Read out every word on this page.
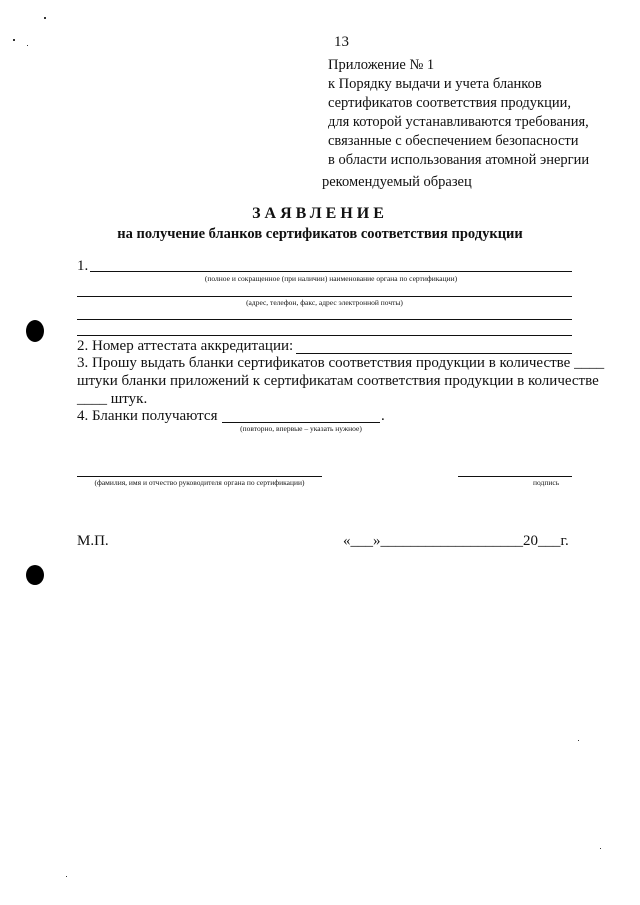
13
Приложение № 1
к Порядку выдачи и учета бланков
сертификатов соответствия продукции,
для которой устанавливаются требования,
связанные с обеспечением безопасности
в области использования атомной энергии
рекомендуемый образец
ЗАЯВЛЕНИЕ
на получение бланков сертификатов соответствия продукции
1.
(полное и сокращенное (при наличии) наименование органа по сертификации)
(адрес, телефон, факс, адрес электронной почты)
2. Номер аттестата аккредитации:
3. Прошу выдать бланки сертификатов соответствия продукции в количестве ____
штуки бланки приложений к сертификатам соответствия продукции в количестве
____ штук.
4. Бланки получаются	.
(повторно, впервые – указать нужное)
(фамилия, имя и отчество руководителя органа по сертификации)	подпись
М.П.	«___»___________________20___г.
